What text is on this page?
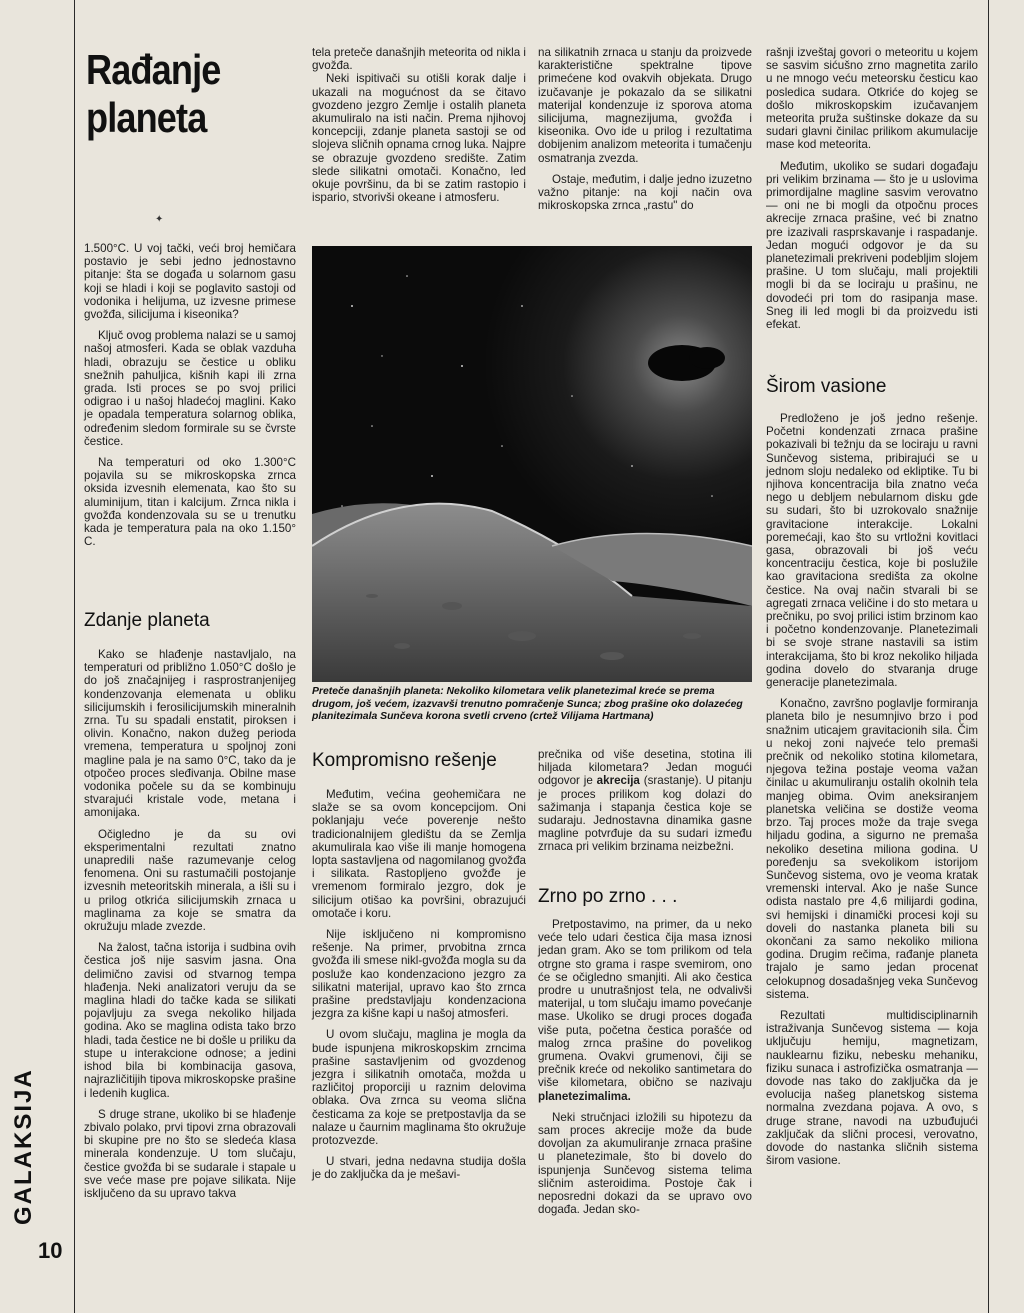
GALAKSIJA
10
Rađanje
planeta
✦

1.500°C. U voj tački, veći broj hemičara postavio je sebi jedno jednostavno pitanje: šta se događa u solarnom gasu koji se hladi i koji se poglavito sastoji od vodonika i helijuma, uz izvesne primese gvožđa, silicijuma i kiseonika?

Ključ ovog problema nalazi se u samoj našoj atmosferi. Kada se oblak vazduha hladi, obrazuju se čestice u obliku snežnih pahuljica, kišnih kapi ili zrna grada. Isti proces se po svoj prilici odigrao i u našoj hladećoj maglini. Kako je opadala temperatura solarnog oblika, određenim sledom formirale su se čvrste čestice.

Na temperaturi od oko 1.300°C pojavila su se mikroskopska zrnca oksida izvesnih elemenata, kao što su aluminijum, titan i kalcijum. Zrnca nikla i gvožđa kondenzovala su se u trenutku kada je temperatura pala na oko 1.150° C.

Zdanje planeta

Kako se hlađenje nastavljalo, na temperaturi od približno 1.050°C došlo je do još značajnijeg i rasprostranjenijeg kondenzovanja elemenata u obliku silicijumskih i ferosilicijumskih mineralnih zrna. Tu su spadali enstatit, piroksen i olivin. Konačno, nakon dužeg perioda vremena, temperatura u spoljnoj zoni magline pala je na samo 0°C, tako da je otpočeo proces sleđivanja. Obilne mase vodonika počele su da se kombinuju stvarajući kristale vode, metana i amonijaka.

Očigledno je da su ovi eksperimentalni rezultati znatno unapredili naše razumevanje celog fenomena. Oni su rastumačili postojanje izvesnih meteoritskih minerala, a išli su i u prilog otkrića silicijumskih zrnaca u maglinama za koje se smatra da okružuju mlade zvezde.

Na žalost, tačna istorija i sudbina ovih čestica još nije sasvim jasna. Ona delimično zavisi od stvarnog tempa hlađenja. Neki analizatori veruju da se maglina hladi do tačke kada se silikati pojavljuju za svega nekoliko hiljada godina. Ako se maglina odista tako brzo hladi, tada čestice ne bi došle u priliku da stupe u interakcione odnose; a jedini ishod bila bi kombinacija gasova, najrazličitijih tipova mikroskopske prašine i ledenih kuglica.

S druge strane, ukoliko bi se hlađenje zbivalo polako, prvi tipovi zrna obrazovali bi skupine pre no što se sledeća klasa minerala kondenzuje. U tom slučaju, čestice gvožđa bi se sudarale i stapale u sve veće mase pre pojave silikata. Nije isključeno da su upravo takva

tela preteče današnjih meteorita od nikla i gvožđa.

Neki ispitivači su otišli korak dalje i ukazali na mogućnost da se čitavo gvozdeno jezgro Zemlje i ostalih planeta akumuliralo na isti način. Prema njihovoj koncepciji, zdanje planeta sastoji se od slojeva sličnih opnama crnog luka. Najpre se obrazuje gvozdeno središte. Zatim slede silikatni omotači. Konačno, led okuje površinu, da bi se zatim rastopio i ispario, stvorivši okeane i atmosferu.

na silikatnih zrnaca u stanju da proizvede karakteristične spektralne tipove primećene kod ovakvih objekata. Drugo izučavanje je pokazalo da se silikatni materijal kondenzuje iz sporova atoma silicijuma, magnezijuma, gvožđa i kiseonika. Ovo ide u prilog i rezultatima dobijenim analizom meteorita i tumačenju osmatranja zvezda.

Ostaje, međutim, i dalje jedno izuzetno važno pitanje: na koji način ova mikroskopska zrnca „rastu" do

Preteče današnjih planeta: Nekoliko kilometara velik planetezimal kreće se prema drugom, još većem, izazvavši trenutno pomračenje Sunca; zbog prašine oko dolazećeg planitezimala Sunčeva korona svetli crveno (crtež Vilijama Hartmana)
Kompromisno rešenje

Međutim, većina geohemičara ne slaže se sa ovom koncepcijom. Oni poklanjaju veće poverenje nešto tradicionalnijem gledištu da se Zemlja akumulirala kao više ili manje homogena lopta sastavljena od nagomilanog gvožđa i silikata. Rastopljeno gvožđe je vremenom formiralo jezgro, dok je silicijum otišao ka površini, obrazujući omotače i koru.

Nije isključeno ni kompromisno rešenje. Na primer, prvobitna zrnca gvožđa ili smese nikl-gvožđa mogla su da posluže kao kondenzaciono jezgro za silikatni materijal, upravo kao što zrnca prašine predstavljaju kondenzaciona jezgra za kišne kapi u našoj atmosferi.

U ovom slučaju, maglina je mogla da bude ispunjena mikroskopskim zrncima prašine sastavljenim od gvozdenog jezgra i silikatnih omotača, možda u različitoj proporciji u raznim delovima oblaka. Ova zrnca su veoma slična česticama za koje se pretpostavlja da se nalaze u čaurnim maglinama što okružuje protozvezde.

U stvari, jedna nedavna studija došla je do zaključka da je mešavi-

prečnika od više desetina, stotina ili hiljada kilometara? Jedan mogući odgovor je akrecija (srastanje). U pitanju je proces prilikom kog dolazi do sažimanja i stapanja čestica koje se sudaraju. Jednostavna dinamika gasne magline potvrđuje da su sudari između zrnaca pri velikim brzinama neizbežni.

Zrno po zrno . . .

Pretpostavimo, na primer, da u neko veće telo udari čestica čija masa iznosi jedan gram. Ako se tom prilikom od tela otrgne sto grama i raspe svemirom, ono će se očigledno smanjiti. Ali ako čestica prodre u unutrašnjost tela, ne odvalivši materijal, u tom slučaju imamo povećanje mase. Ukoliko se drugi proces događa više puta, početna čestica porašće od malog zrnca prašine do povelikog grumena. Ovakvi grumenovi, čiji se prečnik kreće od nekoliko santimetara do više kilometara, obično se nazivaju planetezimalima.

Neki stručnjaci izložili su hipotezu da sam proces akrecije može da bude dovoljan za akumuliranje zrnaca prašine u planetezimale, što bi dovelo do ispunjenja Sunčevog sistema telima sličnim asteroidima. Postoje čak i neposredni dokazi da se upravo ovo događa. Jedan sko-

rašnji izveštaj govori o meteoritu u kojem se sasvim sićušno zrno magnetita zarilo u ne mnogo veću meteorsku česticu kao posledica sudara. Otkriće do kojeg se došlo mikroskopskim izučavanjem meteorita pruža suštinske dokaze da su sudari glavni činilac prilikom akumulacije mase kod meteorita.

Međutim, ukoliko se sudari događaju pri velikim brzinama — što je u uslovima primordijalne magline sasvim verovatno — oni ne bi mogli da otpočnu proces akrecije zrnaca prašine, već bi znatno pre izazivali rasprskavanje i raspadanje. Jedan mogući odgovor je da su planetezimali prekriveni podebljim slojem prašine. U tom slučaju, mali projektili mogli bi da se lociraju u prašinu, ne dovodeći pri tom do rasipanja mase. Sneg ili led mogli bi da proizvedu isti efekat.

Širom vasione

Predloženo je još jedno rešenje. Početni kondenzati zrnaca prašine pokazivali bi težnju da se lociraju u ravni Sunčevog sistema, pribirajući se u jednom sloju nedaleko od ekliptike. Tu bi njihova koncentracija bila znatno veća nego u debljem nebularnom disku gde su sudari, što bi uzrokovalo snažnije gravitacione interakcije. Lokalni poremećaji, kao što su vrtložni kovitlaci gasa, obrazovali bi još veću koncentraciju čestica, koje bi poslužile kao gravitaciona središta za okolne čestice. Na ovaj način stvarali bi se agregati zrnaca veličine i do sto metara u prečniku, po svoj prilici istim brzinom kao i početno kondenzovanje. Planetezimali bi se svoje strane nastavili sa istim interakcijama, što bi kroz nekoliko hiljada godina dovelo do stvaranja druge generacije planetezimala.

Konačno, završno poglavlje formiranja planeta bilo je nesumnjivo brzo i pod snažnim uticajem gravitacionih sila. Čim u nekoj zoni najveće telo premaši prečnik od nekoliko stotina kilometara, njegova težina postaje veoma važan činilac u akumuliranju ostalih okolnih tela manjeg obima. Ovim aneksiranjem planetska veličina se dostiže veoma brzo. Taj proces može da traje svega hiljadu godina, a sigurno ne premaša nekoliko desetina miliona godina. U poređenju sa svekolikom istorijom Sunčevog sistema, ovo je veoma kratak vremenski interval. Ako je naše Sunce odista nastalo pre 4,6 milijardi godina, svi hemijski i dinamički procesi koji su doveli do nastanka planeta bili su okončani za samo nekoliko miliona godina. Drugim rečima, rađanje planeta trajalo je samo jedan procenat celokupnog dosadašnjeg veka Sunčevog sistema.

Rezultati multidisciplinarnih istraživanja Sunčevog sistema — koja uključuju hemiju, magnetizam, nauklearnu fiziku, nebesku mehaniku, fiziku sunaca i astrofizička osmatranja — dovode nas tako do zaključka da je evolucija našeg planetskog sistema normalna zvezdana pojava. A ovo, s druge strane, navodi na uzbuđujući zaključak da slični procesi, verovatno, dovode do nastanka sličnih sistema širom vasione.
